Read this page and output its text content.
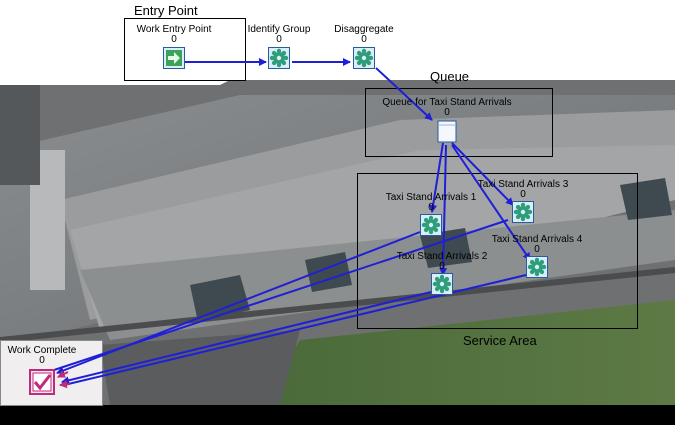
Entry Point
Queue
Service Area
Work Entry Point
0
Identify Group
0
Disaggregate
0
Queue for Taxi Stand Arrivals
0
Taxi Stand Arrivals 1
0
Taxi Stand Arrivals 2
0
Taxi Stand Arrivals 3
0
Taxi Stand Arrivals 4
0
Work Complete
0
